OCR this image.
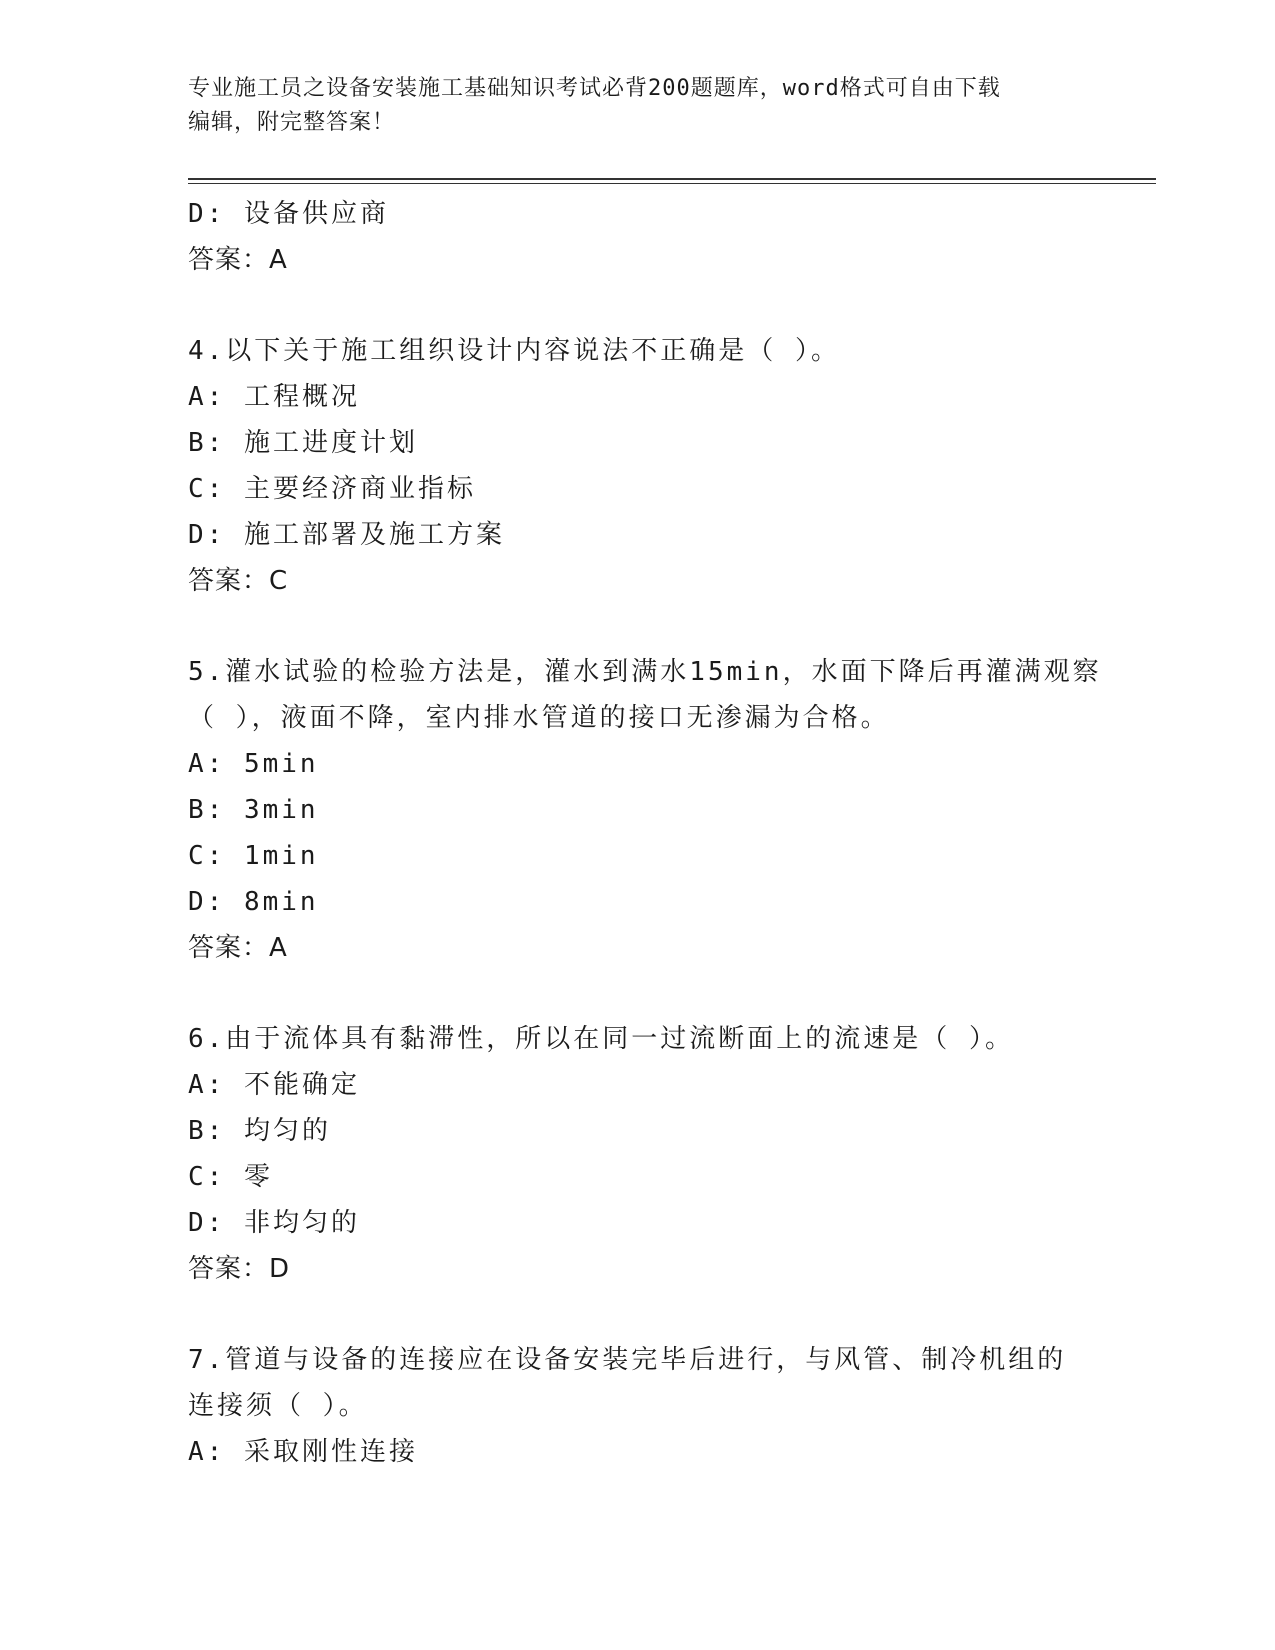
专业施工员之设备安装施工基础知识考试必背200题题库，word格式可自由下载
编辑，附完整答案！
D: 设备供应商
答案：A
4.以下关于施工组织设计内容说法不正确是（ ）。
A: 工程概况
B: 施工进度计划
C: 主要经济商业指标
D: 施工部署及施工方案
答案：C
5.灌水试验的检验方法是，灌水到满水15min，水面下降后再灌满观察
（ ），液面不降，室内排水管道的接口无渗漏为合格。
A: 5min
B: 3min
C: 1min
D: 8min
答案：A
6.由于流体具有黏滞性，所以在同一过流断面上的流速是（ ）。
A: 不能确定
B: 均匀的
C: 零
D: 非均匀的
答案：D
7.管道与设备的连接应在设备安装完毕后进行，与风管、制冷机组的
连接须（ ）。
A: 采取刚性连接
